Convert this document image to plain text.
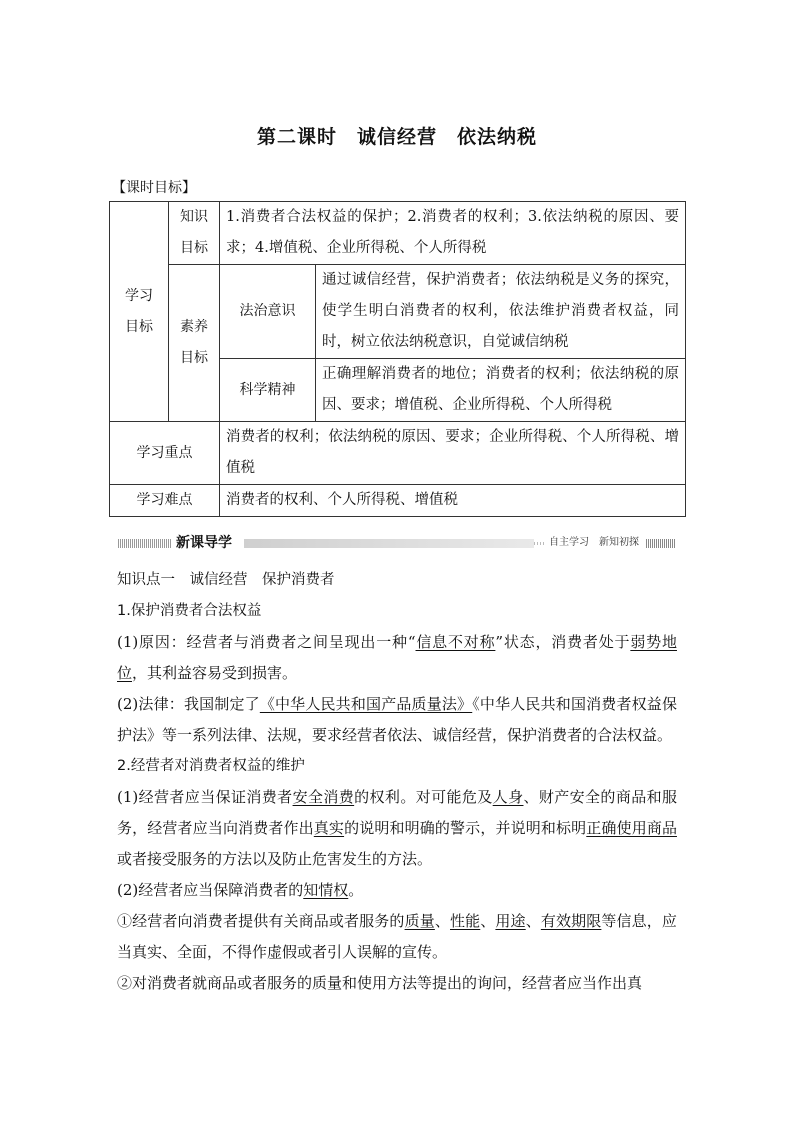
第二课时　诚信经营　依法纳税
【课时目标】
学习目标	知识目标	1.消费者合法权益的保护；2.消费者的权利；3.依法纳税的原因、要求；4.增值税、企业所得税、个人所得税	
	素养目标	法治意识	通过诚信经营，保护消费者；依法纳税是义务的探究，使学生明白消费者的权利，依法维护消费者权益，同时，树立依法纳税意识，自觉诚信纳税
		科学精神	正确理解消费者的地位；消费者的权利；依法纳税的原因、要求；增值税、企业所得税、个人所得税
学习重点		消费者的权利；依法纳税的原因、要求；企业所得税、个人所得税、增值税	
学习难点		消费者的权利、个人所得税、增值税	
新课导学	自主学习　新知初探

知识点一　诚信经营　保护消费者

1.保护消费者合法权益

(1)原因：经营者与消费者之间呈现出一种“信息不对称”状态，消费者处于弱势地位，其利益容易受到损害。

(2)法律：我国制定了《中华人民共和国产品质量法》《中华人民共和国消费者权益保护法》等一系列法律、法规，要求经营者依法、诚信经营，保护消费者的合法权益。

2.经营者对消费者权益的维护

(1)经营者应当保证消费者安全消费的权利。对可能危及人身、财产安全的商品和服务，经营者应当向消费者作出真实的说明和明确的警示，并说明和标明正确使用商品或者接受服务的方法以及防止危害发生的方法。

(2)经营者应当保障消费者的知情权。

①经营者向消费者提供有关商品或者服务的质量、性能、用途、有效期限等信息，应当真实、全面，不得作虚假或者引人误解的宣传。

②对消费者就商品或者服务的质量和使用方法等提出的询问，经营者应当作出真
